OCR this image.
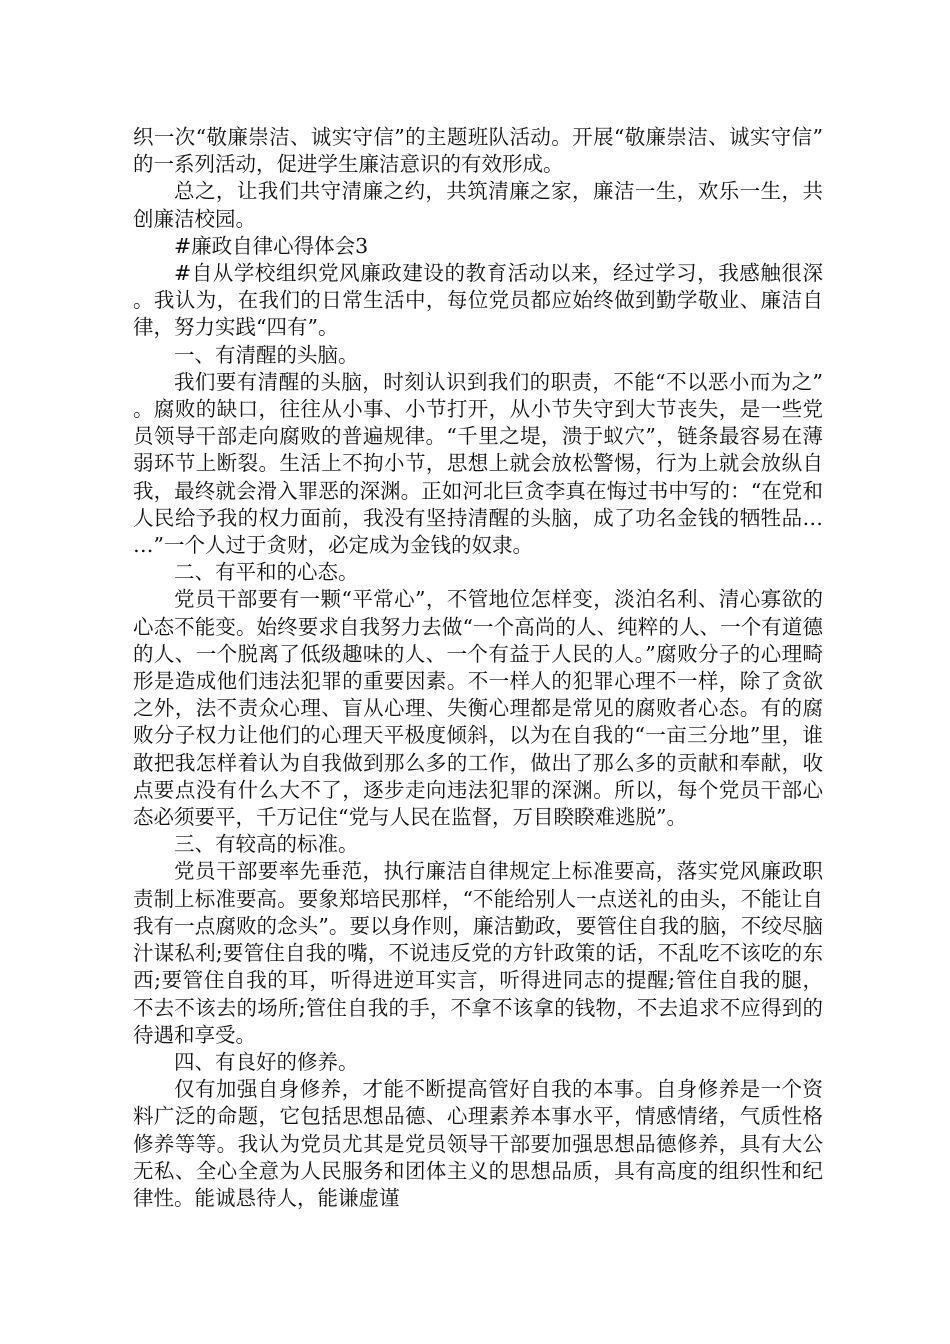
织一次“敬廉崇洁、诚实守信”的主题班队活动。开展“敬廉崇洁、诚实守信”的一系列活动，促进学生廉洁意识的有效形成。

总之，让我们共守清廉之约，共筑清廉之家，廉洁一生，欢乐一生，共创廉洁校园。

#廉政自律心得体会3

#自从学校组织党风廉政建设的教育活动以来，经过学习，我感触很深。我认为，在我们的日常生活中，每位党员都应始终做到勤学敬业、廉洁自律，努力实践“四有”。

一、有清醒的头脑。

我们要有清醒的头脑，时刻认识到我们的职责，不能“不以恶小而为之”。腐败的缺口，往往从小事、小节打开，从小节失守到大节丧失，是一些党员领导干部走向腐败的普遍规律。“千里之堤，溃于蚁穴”，链条最容易在薄弱环节上断裂。生活上不拘小节，思想上就会放松警惕，行为上就会放纵自我，最终就会滑入罪恶的深渊。正如河北巨贪李真在悔过书中写的：“在党和人民给予我的权力面前，我没有坚持清醒的头脑，成了功名金钱的牺牲品……”一个人过于贪财，必定成为金钱的奴隶。

二、有平和的心态。

党员干部要有一颗“平常心”，不管地位怎样变，淡泊名利、清心寡欲的心态不能变。始终要求自我努力去做“一个高尚的人、纯粹的人、一个有道德的人、一个脱离了低级趣味的人、一个有益于人民的人。”腐败分子的心理畸形是造成他们违法犯罪的重要因素。不一样人的犯罪心理不一样，除了贪欲之外，法不责众心理、盲从心理、失衡心理都是常见的腐败者心态。有的腐败分子权力让他们的心理天平极度倾斜，以为在自我的“一亩三分地”里，谁敢把我怎样着认为自我做到那么多的工作，做出了那么多的贡献和奉献，收点要点没有什么大不了，逐步走向违法犯罪的深渊。所以，每个党员干部心态必须要平，千万记住“党与人民在监督，万目睽睽难逃脱”。

三、有较高的标准。

党员干部要率先垂范，执行廉洁自律规定上标准要高，落实党风廉政职责制上标准要高。要象郑培民那样，“不能给别人一点送礼的由头，不能让自我有一点腐败的念头”。要以身作则，廉洁勤政，要管住自我的脑，不绞尽脑汁谋私利;要管住自我的嘴，不说违反党的方针政策的话，不乱吃不该吃的东西;要管住自我的耳，听得进逆耳实言，听得进同志的提醒;管住自我的腿，不去不该去的场所;管住自我的手，不拿不该拿的钱物，不去追求不应得到的待遇和享受。

四、有良好的修养。

仅有加强自身修养，才能不断提高管好自我的本事。自身修养是一个资料广泛的命题，它包括思想品德、心理素养本事水平，情感情绪，气质性格修养等等。我认为党员尤其是党员领导干部要加强思想品德修养，具有大公无私、全心全意为人民服务和团体主义的思想品质，具有高度的组织性和纪律性。能诚恳待人，能谦虚谨
